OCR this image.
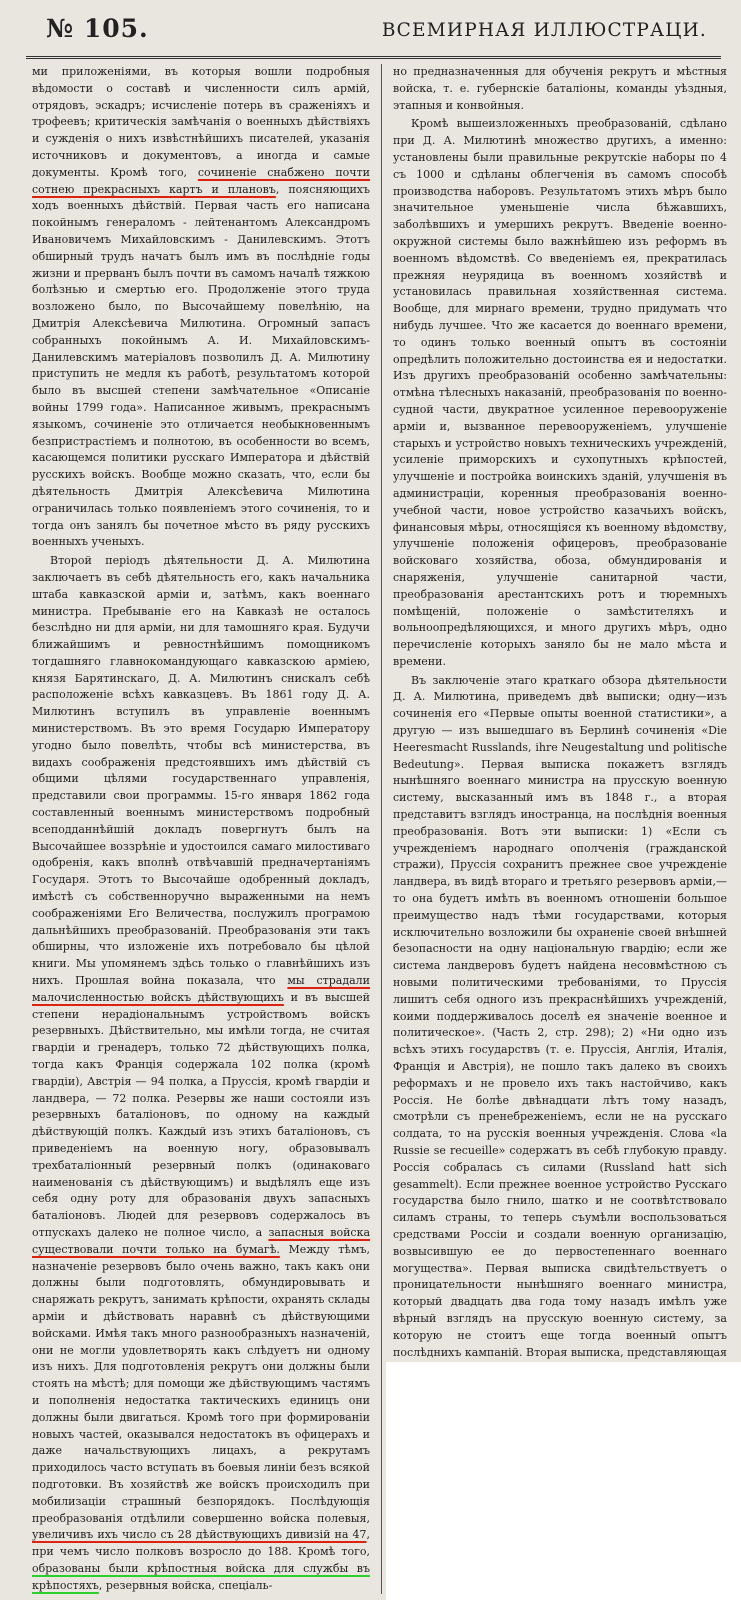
№ 105.	ВСЕМИРНАЯ ИЛЛЮСТРАЦИ.

ми приложеніями, въ которыя вошли подробныя вѣдомости о составѣ и численности силъ армій, отрядовъ, эскадръ; исчисленіе потерь въ сраженіяхъ и трофеевъ; критическія замѣчанія о военныхъ дѣйствіяхъ и сужденія о нихъ извѣстнѣйшихъ писателей, указанія источниковъ и документовъ, а иногда и самые документы. Кромѣ того, сочиненіе снабжено почти сотнею прекрасныхъ картъ и плановъ, поясняющихъ ходъ военныхъ дѣйствій. Первая часть его написана покойнымъ генераломъ - лейтенантомъ Александромъ Ивановичемъ Михайловскимъ - Данилевскимъ. Этотъ обширный трудъ начатъ былъ имъ въ послѣдніе годы жизни и прерванъ былъ почти въ самомъ началѣ тяжкою болѣзнью и смертью его. Продолженіе этого труда возложено было, по Высочайшему повелѣнію, на Дмитрія Алексѣевича Милютина. Огромный запасъ собранныхъ покойнымъ А. И. Михайловскимъ-Данилевскимъ матеріаловъ позволилъ Д. А. Милютину приступить не медля къ работѣ, результатомъ которой было въ высшей степени замѣчательное «Описаніе войны 1799 года». Написанное живымъ, прекраснымъ языкомъ, сочиненіе это отличается необыкновеннымъ безпристрастіемъ и полнотою, въ особенности во всемъ, касающемся политики русскаго Императора и дѣйствій русскихъ войскъ. Вообще можно сказать, что, если бы дѣятельность Дмитрія Алексѣевича Милютина ограничилась только появленіемъ этого сочиненія, то и тогда онъ занялъ бы почетное мѣсто въ ряду русскихъ военныхъ ученыхъ.

Второй періодъ дѣятельности Д. А. Милютина заключаетъ въ себѣ дѣятельность его, какъ начальника штаба кавказской арміи и, затѣмъ, какъ военнаго министра. Пребываніе его на Кавказѣ не осталось безслѣдно ни для арміи, ни для тамошняго края. Будучи ближайшимъ и ревностнѣйшимъ помощникомъ тогдашняго главнокомандующаго кавказскою арміею, князя Барятинскаго, Д. А. Милютинъ снискалъ себѣ расположеніе всѣхъ кавказцевъ. Въ 1861 году Д. А. Милютинъ вступилъ въ управленіе военнымъ министерствомъ. Въ это время Государю Императору угодно было повелѣть, чтобы всѣ министерства, въ видахъ соображенія предстоявшихъ имъ дѣйствій съ общими цѣлями государственнаго управленія, представили свои программы. 15-го января 1862 года составленный военнымъ министерствомъ подробный всеподданнѣйшій докладъ повергнутъ былъ на Высочайшее воззрѣніе и удостоился самаго милостиваго одобренія, какъ вполнѣ отвѣчавшій предначертаніямъ Государя. Этотъ то Высочайше одобренный докладъ, имѣстѣ съ собственноручно выраженными на немъ соображеніями Его Величества, послужилъ програмою дальнѣйшихъ преобразованій. Преобразованія эти такъ обширны, что изложеніе ихъ потребовало бы цѣлой книги. Мы упомянемъ здѣсь только о главнѣйшихъ изъ нихъ. Прошлая война показала, что мы страдали малочисленностью войскъ дѣйствующихъ и въ высшей степени нерадіональнымъ устройствомъ войскъ резервныхъ. Дѣйствительно, мы имѣли тогда, не считая гвардіи и гренадеръ, только 72 дѣйствующихъ полка, тогда какъ Франція содержала 102 полка (кромѣ гвардіи), Австрія — 94 полка, а Пруссія, кромѣ гвардіи и ландвера, — 72 полка. Резервы же наши состояли изъ резервныхъ баталіоновъ, по одному на каждый дѣйствующій полкъ. Каждый изъ этихъ баталіоновъ, съ приведеніемъ на военную ногу, образовывалъ трехбаталіонный резервный полкъ (одинаковаго наименованія съ дѣйствующимъ) и выдѣлялъ еще изъ себя одну роту для образованія двухъ запасныхъ баталіоновъ. Людей для резервовъ содержалось въ отпускахъ далеко не полное число, а запасныя войска существовали почти только на бумагѣ. Между тѣмъ, назначеніе резервовъ было очень важно, такъ какъ они должны были подготовлять, обмундировывать и снаряжать рекрутъ, занимать крѣпости, охранять склады арміи и дѣйствовать наравнѣ съ дѣйствующими войсками. Имѣя такъ много разнообразныхъ назначеній, они не могли удовлетворять какъ слѣдуетъ ни одному изъ нихъ. Для подготовленія рекрутъ они должны были стоять на мѣстѣ; для помощи же дѣйствующимъ частямъ и пополненія недостатка тактическихъ единицъ они должны были двигаться. Кромѣ того при формированіи новыхъ частей, оказывался недостатокъ въ офицерахъ и даже начальствующихъ лицахъ, а рекрутамъ приходилось часто вступать въ боевыя линіи безъ всякой подготовки. Въ хозяйствѣ же войскъ происходилъ при мобилизаціи страшный безпорядокъ. Послѣдующія преобразованія отдѣлили совершенно войска полевыя, увеличивъ ихъ число съ 28 дѣйствующихъ дивизій на 47, при чемъ число полковъ возросло до 188. Кромѣ того, образованы были крѣпостныя войска для службы въ крѣпостяхъ, резервныя войска, спеціаль-

но предназначенныя для обученія рекрутъ и мѣстныя войска, т. е. губернскіе баталіоны, команды уѣздныя, этапныя и конвойныя.

Кромѣ вышеизложенныхъ преобразованій, сдѣлано при Д. А. Милютинѣ множество другихъ, а именно: установлены были правильные рекрутскіе наборы по 4 съ 1000 и сдѣланы облегченія въ самомъ способѣ производства наборовъ. Результатомъ этихъ мѣръ было значительное уменьшеніе числа бѣжавшихъ, заболѣвшихъ и умершихъ рекрутъ. Введеніе военно-окружной системы было важнѣйшею изъ реформъ въ военномъ вѣдомствѣ. Со введеніемъ ея, прекратилась прежняя неурядица въ военномъ хозяйствѣ и установилась правильная хозяйственная система. Вообще, для мирнаго времени, трудно придумать что нибудь лучшее. Что же касается до военнаго времени, то одинъ только военный опытъ въ состояніи опредѣлить положительно достоинства ея и недостатки. Изъ другихъ преобразованій особенно замѣчательны: отмѣна тѣлесныхъ наказаній, преобразованія по военно-судной части, двукратное усиленное перевооруженіе арміи и, вызванное перевооруженіемъ, улучшеніе старыхъ и устройство новыхъ техническихъ учрежденій, усиленіе приморскихъ и сухопутныхъ крѣпостей, улучшеніе и постройка воинскихъ зданій, улучшенія въ администраціи, коренныя преобразованія военно-учебной части, новое устройство казачьихъ войскъ, финансовыя мѣры, относящіяся къ военному вѣдомству, улучшеніе положенія офицеровъ, преобразованіе войсковаго хозяйства, обоза, обмундированія и снаряженія, улучшеніе санитарной части, преобразованія арестантскихъ ротъ и тюремныхъ помѣщеній, положеніе о замѣстителяхъ и вольноопредѣляющихся, и много другихъ мѣръ, одно перечисленіе которыхъ заняло бы не мало мѣста и времени.

Въ заключеніе этаго краткаго обзора дѣятельности Д. А. Милютина, приведемъ двѣ выписки; одну—изъ сочиненія его «Первые опыты военной статистики», а другую — изъ вышедшаго въ Берлинѣ сочиненія «Die Heeresmacht Russlands, ihre Neugestaltung und politische Bedeutung». Первая выписка покажетъ взглядъ нынѣшняго военнаго министра на прусскую военную систему, высказанный имъ въ 1848 г., а вторая представитъ взглядъ иностранца, на послѣднія военныя преобразованія. Вотъ эти выписки: 1) «Если съ учрежденіемъ народнаго ополченія (гражданской стражи), Пруссія сохранитъ прежнее свое учрежденіе ландвера, въ видѣ втораго и третьяго резервовъ арміи,—то она будетъ имѣть въ военномъ отношеніи большое преимущество надъ тѣми государствами, которыя исключительно возложили бы охраненіе своей внѣшней безопасности на одну національную гвардію; если же система ландверовъ будетъ найдена несовмѣстною съ новыми политическими требованіями, то Пруссія лишитъ себя одного изъ прекраснѣйшихъ учрежденій, коими поддерживалось доселѣ ея значеніе военное и политическое». (Часть 2, стр. 298); 2) «Ни одно изъ всѣхъ этихъ государствъ (т. е. Пруссія, Англія, Италія, Франція и Австрія), не пошло такъ далеко въ своихъ реформахъ и не провело ихъ такъ настойчиво, какъ Россія. Не болѣе двѣнадцати лѣтъ тому назадъ, смотрѣли съ пренебреженіемъ, если не на русскаго солдата, то на русскія военныя учрежденія. Слова «la Russie se recueille» содержатъ въ себѣ глубокую правду. Россія собралась съ силами (Russland hatt sich gesammelt). Если прежнее военное устройство Русскаго государства было гнило, шатко и не соотвѣтствовало силамъ страны, то теперь съумѣли воспользоваться средствами Россіи и создали военную организацію, возвысившую ее до первостепеннаго военнаго могущества». Первая выписка свидѣтельствуетъ о проницательности нынѣшняго военнаго министра, который двадцать два года тому назадъ имѣлъ уже вѣрный взглядъ на прусскую военную систему, за которую не стоитъ еще тогда военный опытъ послѣднихъ кампаній. Вторая выписка, представляющая
